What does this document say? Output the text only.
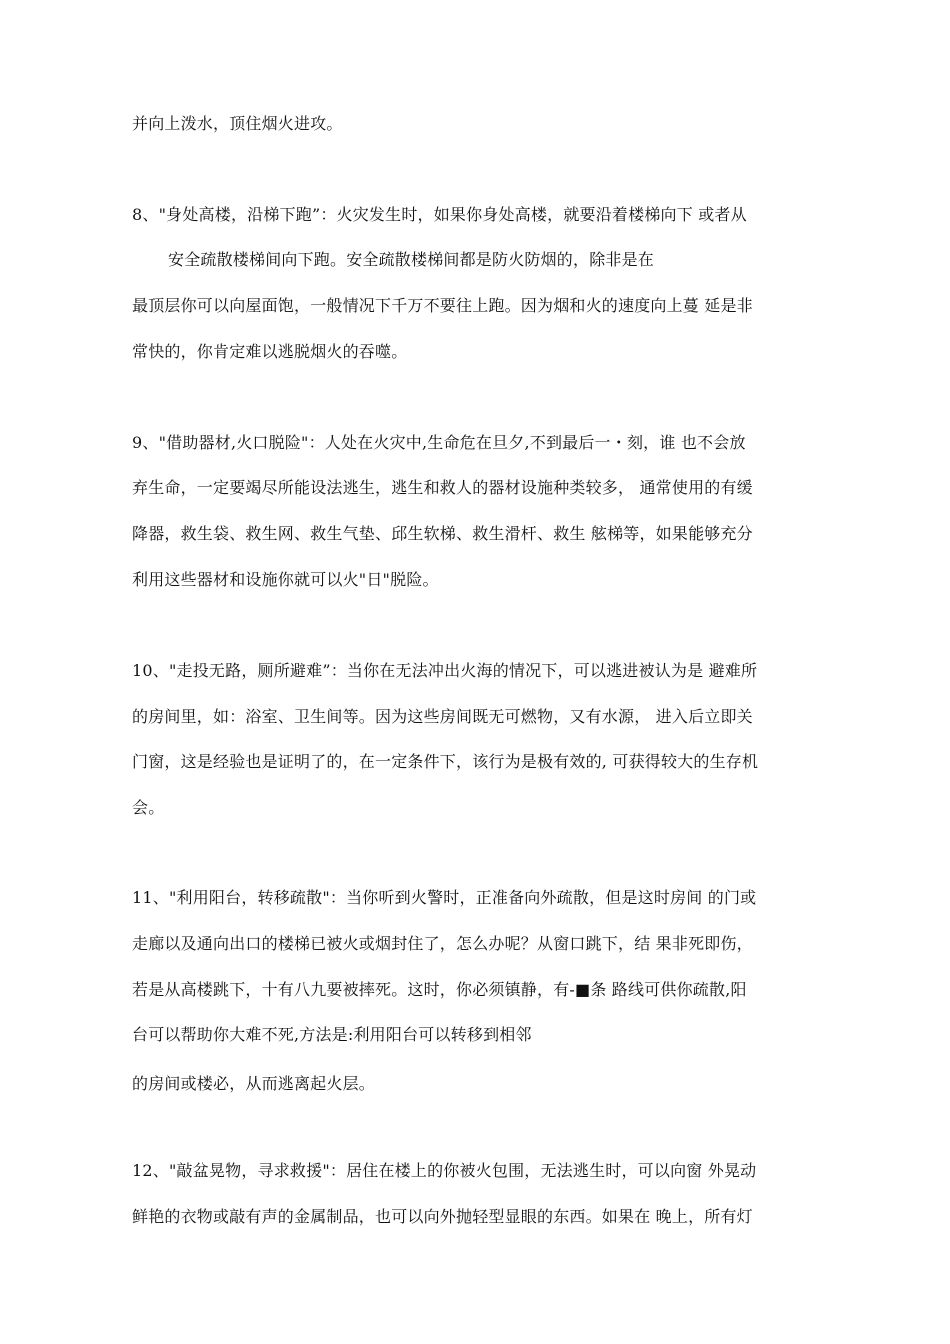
并向上泼水，顶住烟火进攻。
8、"身处高楼，沿梯下跑”：火灾发生时，如果你身处高楼，就要沿着楼梯向下 或者从
安全疏散楼梯间向下跑。安全疏散楼梯间都是防火防烟的，除非是在
最顶层你可以向屋面饱，一般情况下千万不要往上跑。因为烟和火的速度向上蔓 延是非
常快的，你肯定难以逃脱烟火的吞噬。
9、"借助器材,火口脱险"：人处在火灾中,生命危在旦夕,不到最后一・刻，谁 也不会放
弃生命，一定要竭尽所能设法逃生，逃生和救人的器材设施种类较多， 通常使用的有缓
降器，救生袋、救生网、救生气垫、邱生软梯、救生滑杆、救生 舷梯等，如果能够充分
利用这些器材和设施你就可以火"日"脱险。
10、"走投无路，厕所避难”：当你在无法冲出火海的情况下，可以逃进被认为是 避难所
的房间里，如：浴室、卫生间等。因为这些房间既无可燃物，又有水源， 进入后立即关
门窗，这是经验也是证明了的，在一定条件下，该行为是极有效的, 可获得较大的生存机
会。
11、"利用阳台，转移疏散"：当你听到火警时，正准备向外疏散，但是这时房间 的门或
走廊以及通向出口的楼梯已被火或烟封住了，怎么办呢？从窗口跳下，结 果非死即伤，
若是从高楼跳下，十有八九要被摔死。这时，你必须镇静，有-■条 路线可供你疏散,阳
台可以帮助你大难不死,方法是:利用阳台可以转移到相邻
的房间或楼必，从而逃离起火层。
12、"敲盆晃物，寻求救援"：居住在楼上的你被火包围，无法逃生时，可以向窗 外晃动
鲜艳的衣物或敲有声的金属制品，也可以向外抛轻型显眼的东西。如果在 晚上，所有灯
